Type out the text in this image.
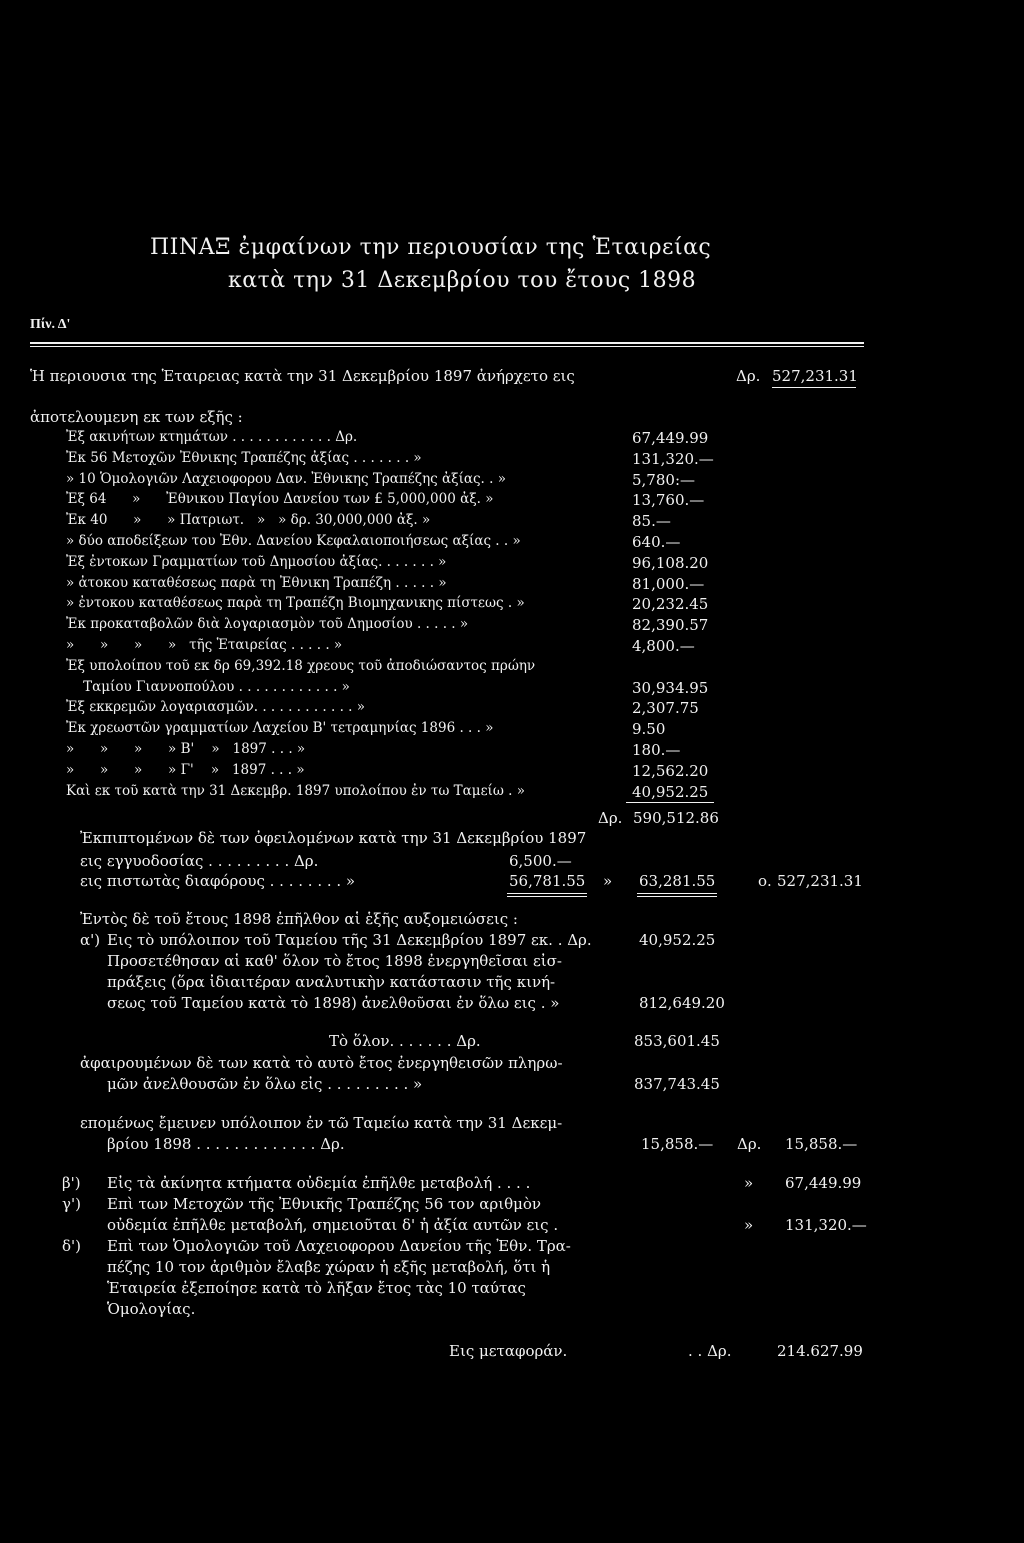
ΠΙΝΑΞ ἐμφαίνων την περιουσίαν της Ἑταιρείας
κατὰ την 31 Δεκεμβρίου του ἔτους 1898
Πίν. Δ'
Ἡ περιουσια της Ἑταιρειας κατὰ την 31 Δεκεμβρίου 1897 ἀνήρχετο εις	Δρ. 527,231.31
ἀποτελουμενη εκ των εξῆς :
Ἐξ ακινήτων κτημάτων . . . . . . . . . . . . Δρ.	67,449.99
Ἐκ 56 Μετοχῶν Ἐθνικης Τραπέζης ἀξίας . . . . . . . »	131,320.—
» 10 Ὁμολογιῶν Λαχειοφορου Δαν. Ἐθνικης Τραπέζης ἀξίας. . »	5,780:—
Ἐξ 64      »      Ἐθνικου Παγίου Δανείου των £ 5,000,000 ἀξ. »	13,760.—
Ἐκ 40      »      » Πατριωτ.   »   » δρ. 30,000,000 ἀξ. »	85.—
» δύο αποδείξεων του Ἐθν. Δανείου Κεφαλαιοποιήσεως αξίας . . »	640.—
Ἐξ ἐντοκων Γραμματίων τοῦ Δημοσίου ἀξίας. . . . . . . »	96,108.20
» ἀτοκου καταθέσεως παρὰ τη Ἐθνικη Τραπέζη . . . . . »	81,000.—
» ἐντοκου καταθέσεως παρὰ τη Τραπέζη Βιομηχανικης πίστεως . »	20,232.45
Ἐκ προκαταβολῶν διὰ λογαριασμὸν τοῦ Δημοσίου . . . . . »	82,390.57
»      »      »      »   τῆς Ἑταιρείας . . . . . »	4,800.—
Ἐξ υπολοίπου τοῦ εκ δρ 69,392.18 χρεους τοῦ ἀποδιώσαντος πρώην
Ταμίου Γιαννοπούλου . . . . . . . . . . . . »	30,934.95
Ἐξ εκκρεμῶν λογαριασμῶν. . . . . . . . . . . . »	2,307.75
Ἐκ χρεωστῶν γραμματίων Λαχείου Β' τετραμηνίας 1896 . . . »	9.50
»      »      »      » Β'    »   1897 . . . »	180.—
»      »      »      » Γ'    »   1897 . . . »	12,562.20
Καὶ εκ τοῦ κατὰ την 31 Δεκεμβρ. 1897 υπολοίπου ἐν τω Ταμείω . »	40,952.25
Δρ. 590,512.86
Ἐκπιπτομένων δὲ των ὀφειλομένων κατὰ την 31 Δεκεμβρίου 1897
εις εγγυοδοσίας . . . . . . . . . Δρ.	6,500.—
εις πιστωτὰς διαφόρους . . . . . . . . »	56,781.55 » 63,281.55	ο. 527,231.31
Ἐντὸς δὲ τοῦ ἔτους 1898 ἐπῆλθον αἱ ἑξῆς αυξομειώσεις :
α') Εις τὸ υπόλοιπον τοῦ Ταμείου τῆς 31 Δεκεμβρίου 1897 εκ. . Δρ.	40,952.25
Προσετέθησαν αἱ καθ' ὅλον τὸ ἔτος 1898 ἐνεργηθεῖσαι εἰσ-
πράξεις (ὅρα ἰδιαιτέραν αναλυτικὴν κατάστασιν τῆς κινή-
σεως τοῦ Ταμείου κατὰ τὸ 1898) ἀνελθοῦσαι ἐν ὅλω εις . »	812,649.20
Τὸ ὅλον. . . . . . . Δρ.	853,601.45
ἀφαιρουμένων δὲ των κατὰ τὸ αυτὸ ἔτος ἐνεργηθεισῶν πληρω-
μῶν ἀνελθουσῶν ἐν ὅλω εἰς . . . . . . . . . »	837,743.45
επομένως ἔμεινεν υπόλοιπον ἐν τῶ Ταμείω κατὰ την 31 Δεκεμ-
βρίου 1898 . . . . . . . . . . . . . Δρ.	15,858.— Δρ. 15,858.—
β') Εἰς τὰ ἀκίνητα κτήματα οὐδεμία ἐπῆλθε μεταβολή . . . .	» 67,449.99
γ') Επὶ των Μετοχῶν τῆς Ἐθνικῆς Τραπέζης 56 τον αριθμὸν
οὐδεμία ἐπῆλθε μεταβολή, σημειοῦται δ' ἡ ἀξία αυτῶν εις .	» 131,320.—
δ') Επὶ των Ὁμολογιῶν τοῦ Λαχειοφορου Δανείου τῆς Ἐθν. Τρα-
πέζης 10 τον ἀριθμὸν ἔλαβε χώραν ἡ εξῆς μεταβολή, ὅτι ἡ
Ἑταιρεία ἐξεποίησε κατὰ τὸ λῆξαν ἔτος τὰς 10 ταύτας
Ὁμολογίας.
Εις μεταφοράν.	. . Δρ.	214.627.99
